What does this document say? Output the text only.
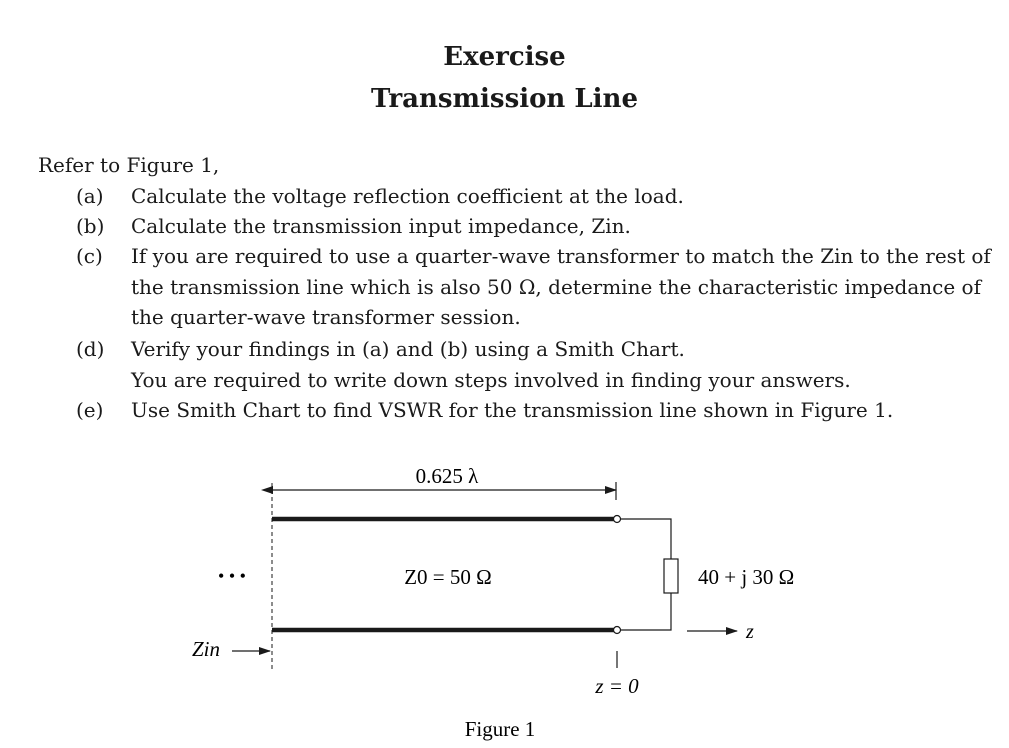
Exercise
Transmission Line
Refer to Figure 1,
(a)	Calculate the voltage reflection coefficient at the load.
(b)	Calculate the transmission input impedance, Zin.
(c)	If you are required to use a quarter-wave transformer to match the Zin to the rest of
the transmission line which is also 50 Ω, determine the characteristic impedance of
the quarter-wave transformer session.
(d)	Verify your findings in (a) and (b) using a Smith Chart.
You are required to write down steps involved in finding your answers.
(e)	Use Smith Chart to find VSWR for the transmission line shown in Figure 1.
0.625 λ
40 + j 30 Ω
Z0 = 50 Ω
• • •
Zin
z
z = 0
Figure 1
